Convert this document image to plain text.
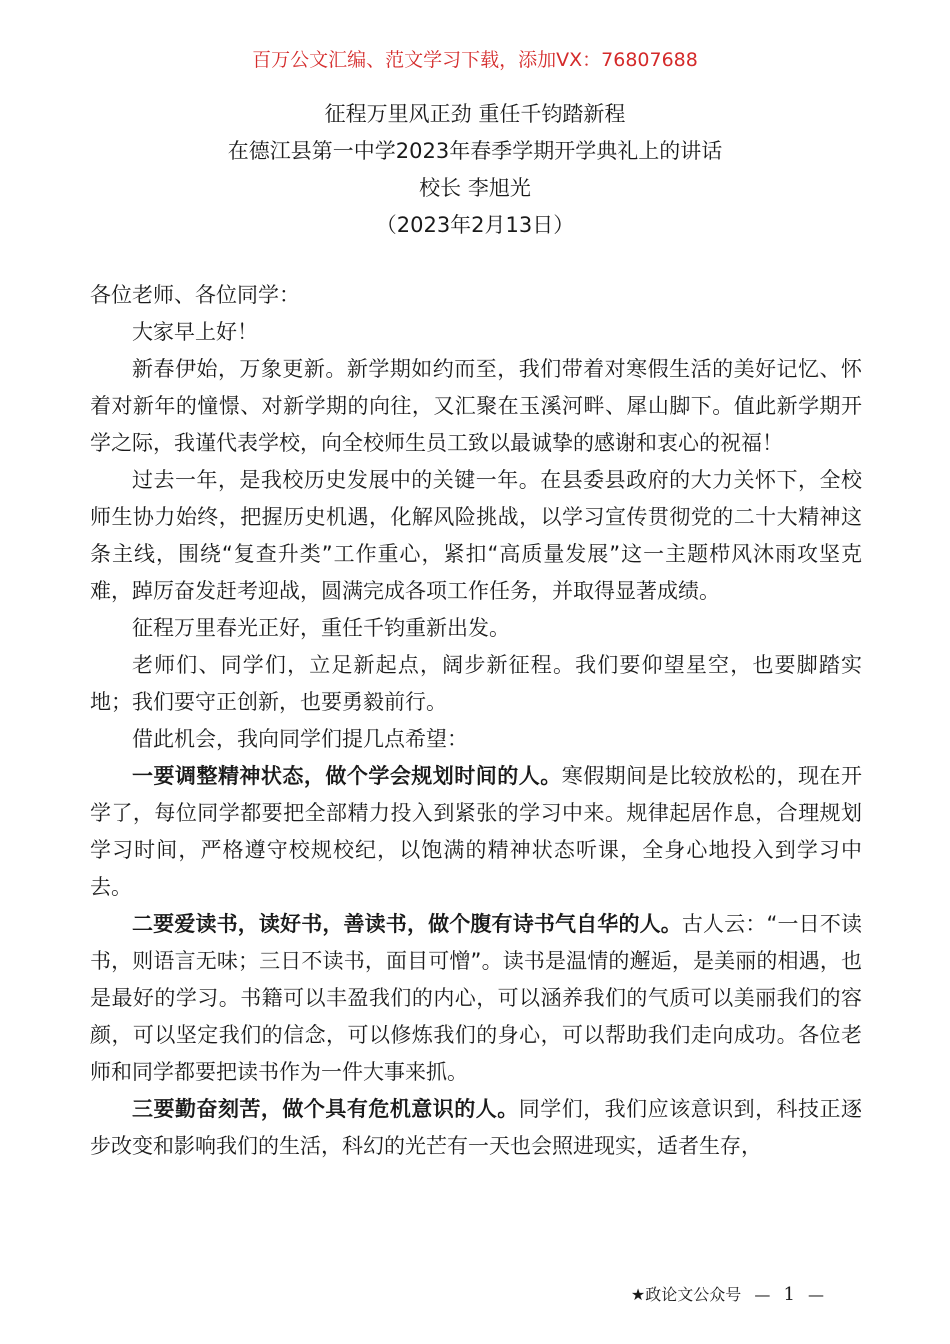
百万公文汇编、范文学习下载，添加VX：76807688
征程万里风正劲 重任千钧踏新程
在德江县第一中学2023年春季学期开学典礼上的讲话
校长 李旭光
（2023年2月13日）

各位老师、各位同学：

大家早上好！

新春伊始，万象更新。新学期如约而至，我们带着对寒假生活的美好记忆、怀着对新年的憧憬、对新学期的向往，又汇聚在玉溪河畔、犀山脚下。值此新学期开学之际，我谨代表学校，向全校师生员工致以最诚挚的感谢和衷心的祝福！

过去一年，是我校历史发展中的关键一年。在县委县政府的大力关怀下，全校师生协力始终，把握历史机遇，化解风险挑战，以学习宣传贯彻党的二十大精神这条主线，围绕“复查升类”工作重心，紧扣“高质量发展”这一主题栉风沐雨攻坚克难，踔厉奋发赶考迎战，圆满完成各项工作任务，并取得显著成绩。

征程万里春光正好，重任千钧重新出发。

老师们、同学们，立足新起点，阔步新征程。我们要仰望星空，也要脚踏实地；我们要守正创新，也要勇毅前行。

借此机会，我向同学们提几点希望：

一要调整精神状态，做个学会规划时间的人。寒假期间是比较放松的，现在开学了，每位同学都要把全部精力投入到紧张的学习中来。规律起居作息，合理规划学习时间，严格遵守校规校纪，以饱满的精神状态听课，全身心地投入到学习中去。

二要爱读书，读好书，善读书，做个腹有诗书气自华的人。古人云：“一日不读书，则语言无味；三日不读书，面目可憎”。读书是温情的邂逅，是美丽的相遇，也是最好的学习。书籍可以丰盈我们的内心，可以涵养我们的气质可以美丽我们的容颜，可以坚定我们的信念，可以修炼我们的身心，可以帮助我们走向成功。各位老师和同学都要把读书作为一件大事来抓。

三要勤奋刻苦，做个具有危机意识的人。同学们，我们应该意识到，科技正逐步改变和影响我们的生活，科幻的光芒有一天也会照进现实，适者生存，

★政论文公众号 — 1 —
